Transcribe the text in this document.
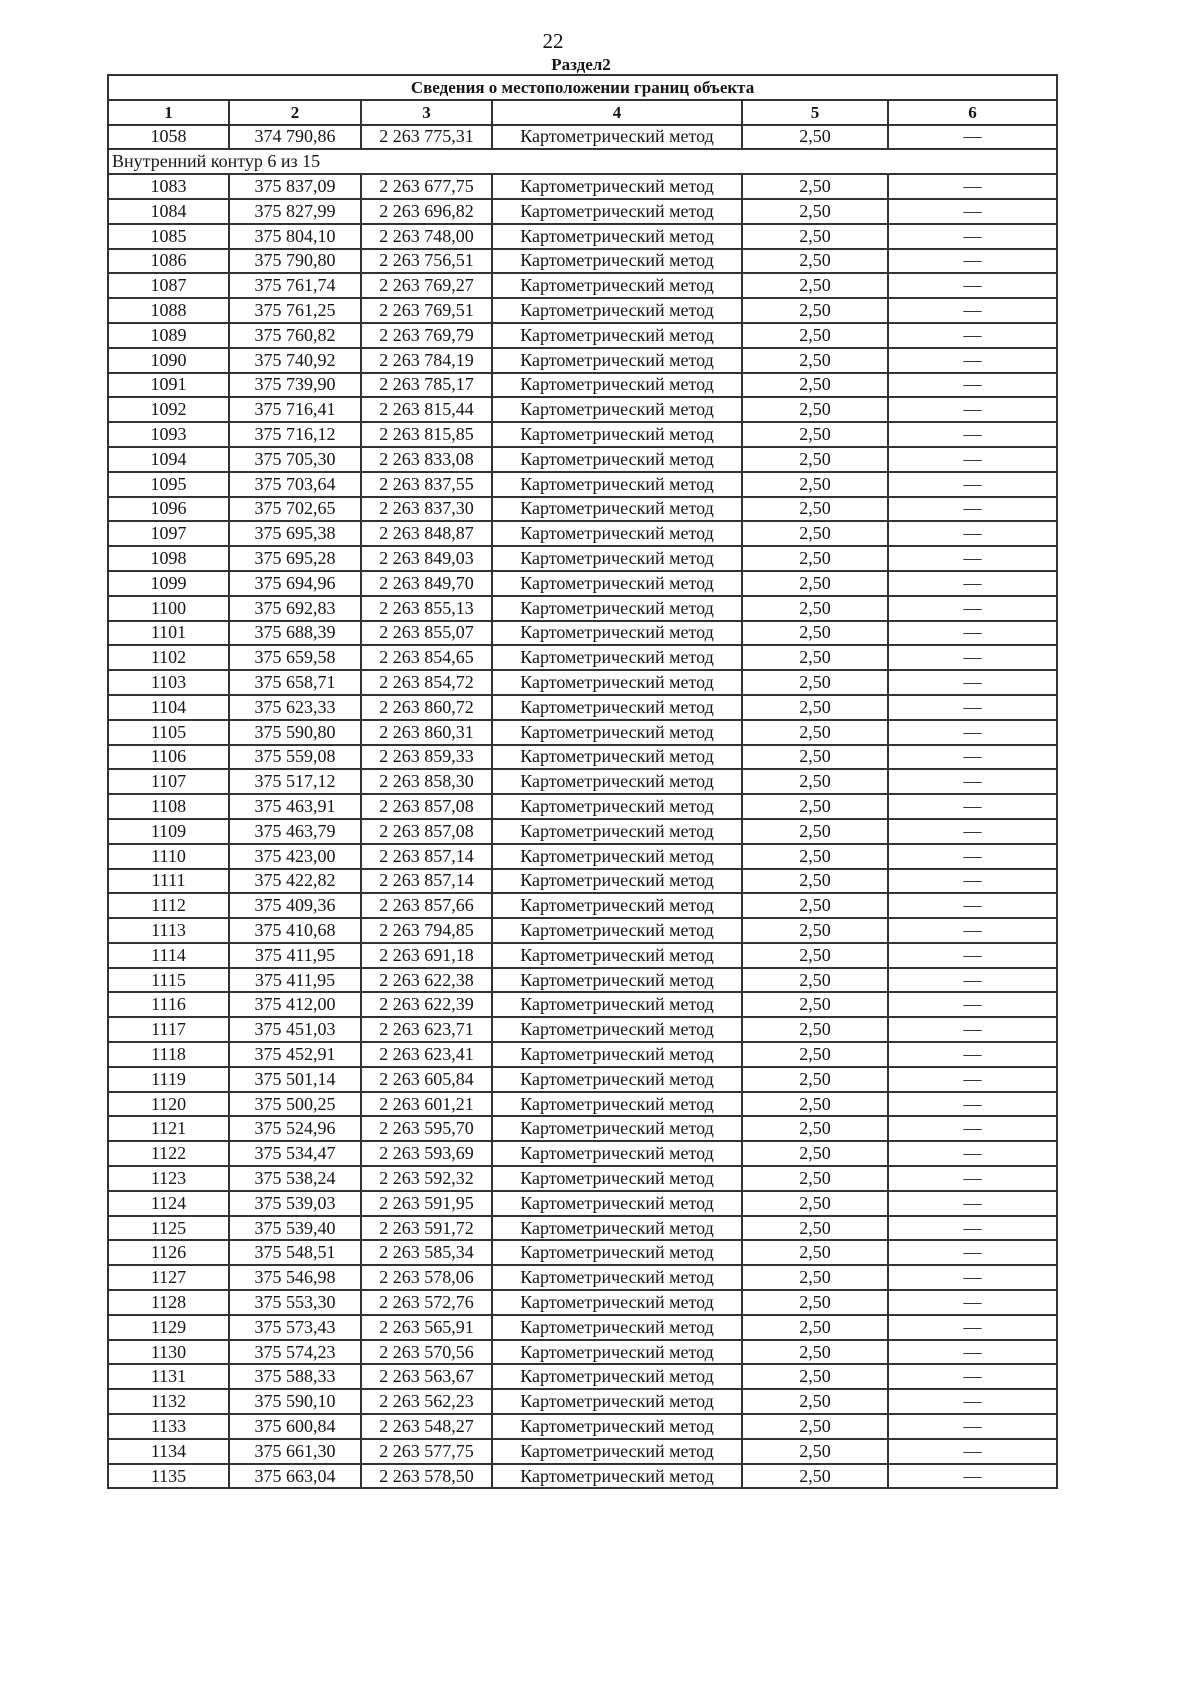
22
Раздел2
Сведения о местоположении границ объекта					
1	2	3	4	5	6
1058	374 790,86	2 263 775,31	Картометрический метод	2,50	—
Внутренний контур 6 из 15					
1083	375 837,09	2 263 677,75	Картометрический метод	2,50	—
1084	375 827,99	2 263 696,82	Картометрический метод	2,50	—
1085	375 804,10	2 263 748,00	Картометрический метод	2,50	—
1086	375 790,80	2 263 756,51	Картометрический метод	2,50	—
1087	375 761,74	2 263 769,27	Картометрический метод	2,50	—
1088	375 761,25	2 263 769,51	Картометрический метод	2,50	—
1089	375 760,82	2 263 769,79	Картометрический метод	2,50	—
1090	375 740,92	2 263 784,19	Картометрический метод	2,50	—
1091	375 739,90	2 263 785,17	Картометрический метод	2,50	—
1092	375 716,41	2 263 815,44	Картометрический метод	2,50	—
1093	375 716,12	2 263 815,85	Картометрический метод	2,50	—
1094	375 705,30	2 263 833,08	Картометрический метод	2,50	—
1095	375 703,64	2 263 837,55	Картометрический метод	2,50	—
1096	375 702,65	2 263 837,30	Картометрический метод	2,50	—
1097	375 695,38	2 263 848,87	Картометрический метод	2,50	—
1098	375 695,28	2 263 849,03	Картометрический метод	2,50	—
1099	375 694,96	2 263 849,70	Картометрический метод	2,50	—
1100	375 692,83	2 263 855,13	Картометрический метод	2,50	—
1101	375 688,39	2 263 855,07	Картометрический метод	2,50	—
1102	375 659,58	2 263 854,65	Картометрический метод	2,50	—
1103	375 658,71	2 263 854,72	Картометрический метод	2,50	—
1104	375 623,33	2 263 860,72	Картометрический метод	2,50	—
1105	375 590,80	2 263 860,31	Картометрический метод	2,50	—
1106	375 559,08	2 263 859,33	Картометрический метод	2,50	—
1107	375 517,12	2 263 858,30	Картометрический метод	2,50	—
1108	375 463,91	2 263 857,08	Картометрический метод	2,50	—
1109	375 463,79	2 263 857,08	Картометрический метод	2,50	—
1110	375 423,00	2 263 857,14	Картометрический метод	2,50	—
1111	375 422,82	2 263 857,14	Картометрический метод	2,50	—
1112	375 409,36	2 263 857,66	Картометрический метод	2,50	—
1113	375 410,68	2 263 794,85	Картометрический метод	2,50	—
1114	375 411,95	2 263 691,18	Картометрический метод	2,50	—
1115	375 411,95	2 263 622,38	Картометрический метод	2,50	—
1116	375 412,00	2 263 622,39	Картометрический метод	2,50	—
1117	375 451,03	2 263 623,71	Картометрический метод	2,50	—
1118	375 452,91	2 263 623,41	Картометрический метод	2,50	—
1119	375 501,14	2 263 605,84	Картометрический метод	2,50	—
1120	375 500,25	2 263 601,21	Картометрический метод	2,50	—
1121	375 524,96	2 263 595,70	Картометрический метод	2,50	—
1122	375 534,47	2 263 593,69	Картометрический метод	2,50	—
1123	375 538,24	2 263 592,32	Картометрический метод	2,50	—
1124	375 539,03	2 263 591,95	Картометрический метод	2,50	—
1125	375 539,40	2 263 591,72	Картометрический метод	2,50	—
1126	375 548,51	2 263 585,34	Картометрический метод	2,50	—
1127	375 546,98	2 263 578,06	Картометрический метод	2,50	—
1128	375 553,30	2 263 572,76	Картометрический метод	2,50	—
1129	375 573,43	2 263 565,91	Картометрический метод	2,50	—
1130	375 574,23	2 263 570,56	Картометрический метод	2,50	—
1131	375 588,33	2 263 563,67	Картометрический метод	2,50	—
1132	375 590,10	2 263 562,23	Картометрический метод	2,50	—
1133	375 600,84	2 263 548,27	Картометрический метод	2,50	—
1134	375 661,30	2 263 577,75	Картометрический метод	2,50	—
1135	375 663,04	2 263 578,50	Картометрический метод	2,50	—
